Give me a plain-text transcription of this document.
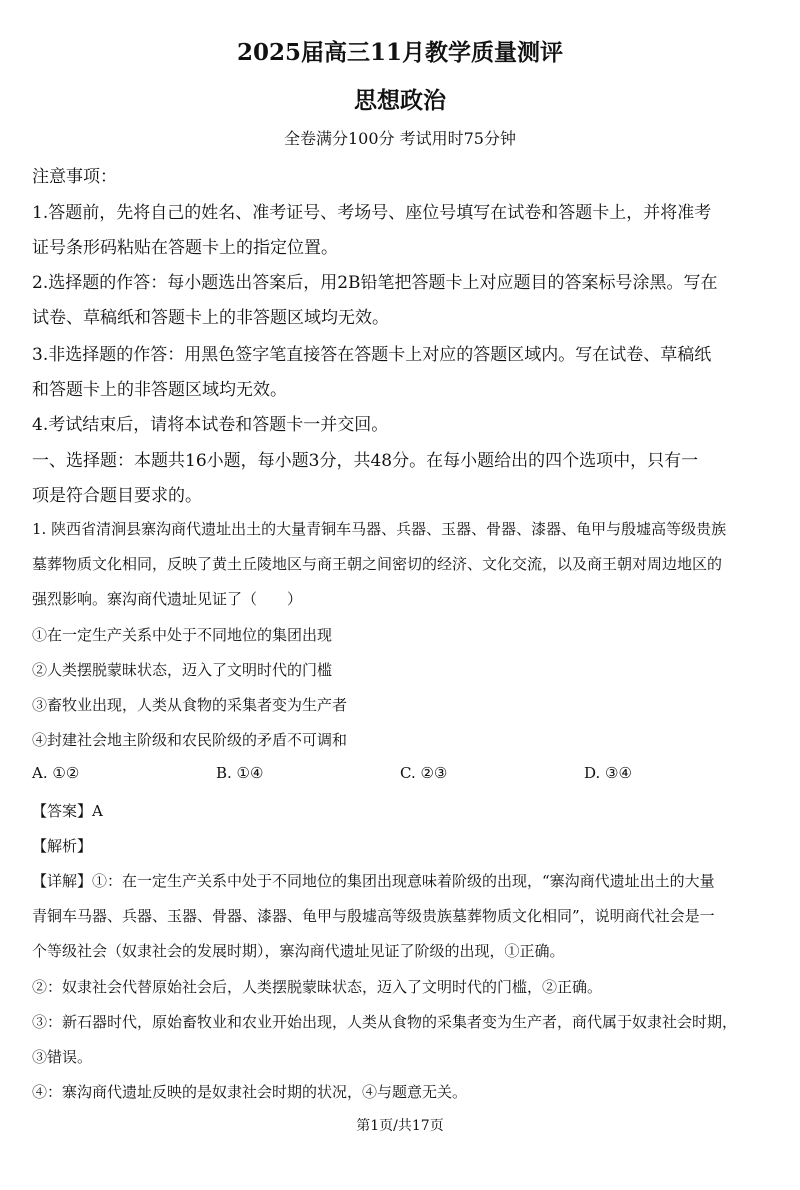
2025届高三11月教学质量测评
思想政治
全卷满分100分 考试用时75分钟
注意事项：
1.答题前，先将自己的姓名、准考证号、考场号、座位号填写在试卷和答题卡上，并将准考
证号条形码粘贴在答题卡上的指定位置。
2.选择题的作答：每小题选出答案后，用2B铅笔把答题卡上对应题目的答案标号涂黑。写在
试卷、草稿纸和答题卡上的非答题区域均无效。
3.非选择题的作答：用黑色签字笔直接答在答题卡上对应的答题区域内。写在试卷、草稿纸
和答题卡上的非答题区域均无效。
4.考试结束后，请将本试卷和答题卡一并交回。
一、选择题：本题共16小题，每小题3分，共48分。在每小题给出的四个选项中，只有一
项是符合题目要求的。
1. 陕西省清涧县寨沟商代遗址出土的大量青铜车马器、兵器、玉器、骨器、漆器、龟甲与殷墟高等级贵族
墓葬物质文化相同，反映了黄土丘陵地区与商王朝之间密切的经济、文化交流，以及商王朝对周边地区的
强烈影响。寨沟商代遗址见证了（　　）
①在一定生产关系中处于不同地位的集团出现
②人类摆脱蒙昧状态，迈入了文明时代的门槛
③畜牧业出现，人类从食物的采集者变为生产者
④封建社会地主阶级和农民阶级的矛盾不可调和
A. ①②	B. ①④	C. ②③	D. ③④
【答案】A
【解析】
【详解】①：在一定生产关系中处于不同地位的集团出现意味着阶级的出现，“寨沟商代遗址出土的大量
青铜车马器、兵器、玉器、骨器、漆器、龟甲与殷墟高等级贵族墓葬物质文化相同”，说明商代社会是一
个等级社会（奴隶社会的发展时期），寨沟商代遗址见证了阶级的出现，①正确。
②：奴隶社会代替原始社会后，人类摆脱蒙昧状态，迈入了文明时代的门槛，②正确。
③：新石器时代，原始畜牧业和农业开始出现，人类从食物的采集者变为生产者，商代属于奴隶社会时期，
③错误。
④：寨沟商代遗址反映的是奴隶社会时期的状况，④与题意无关。
第1页/共17页
